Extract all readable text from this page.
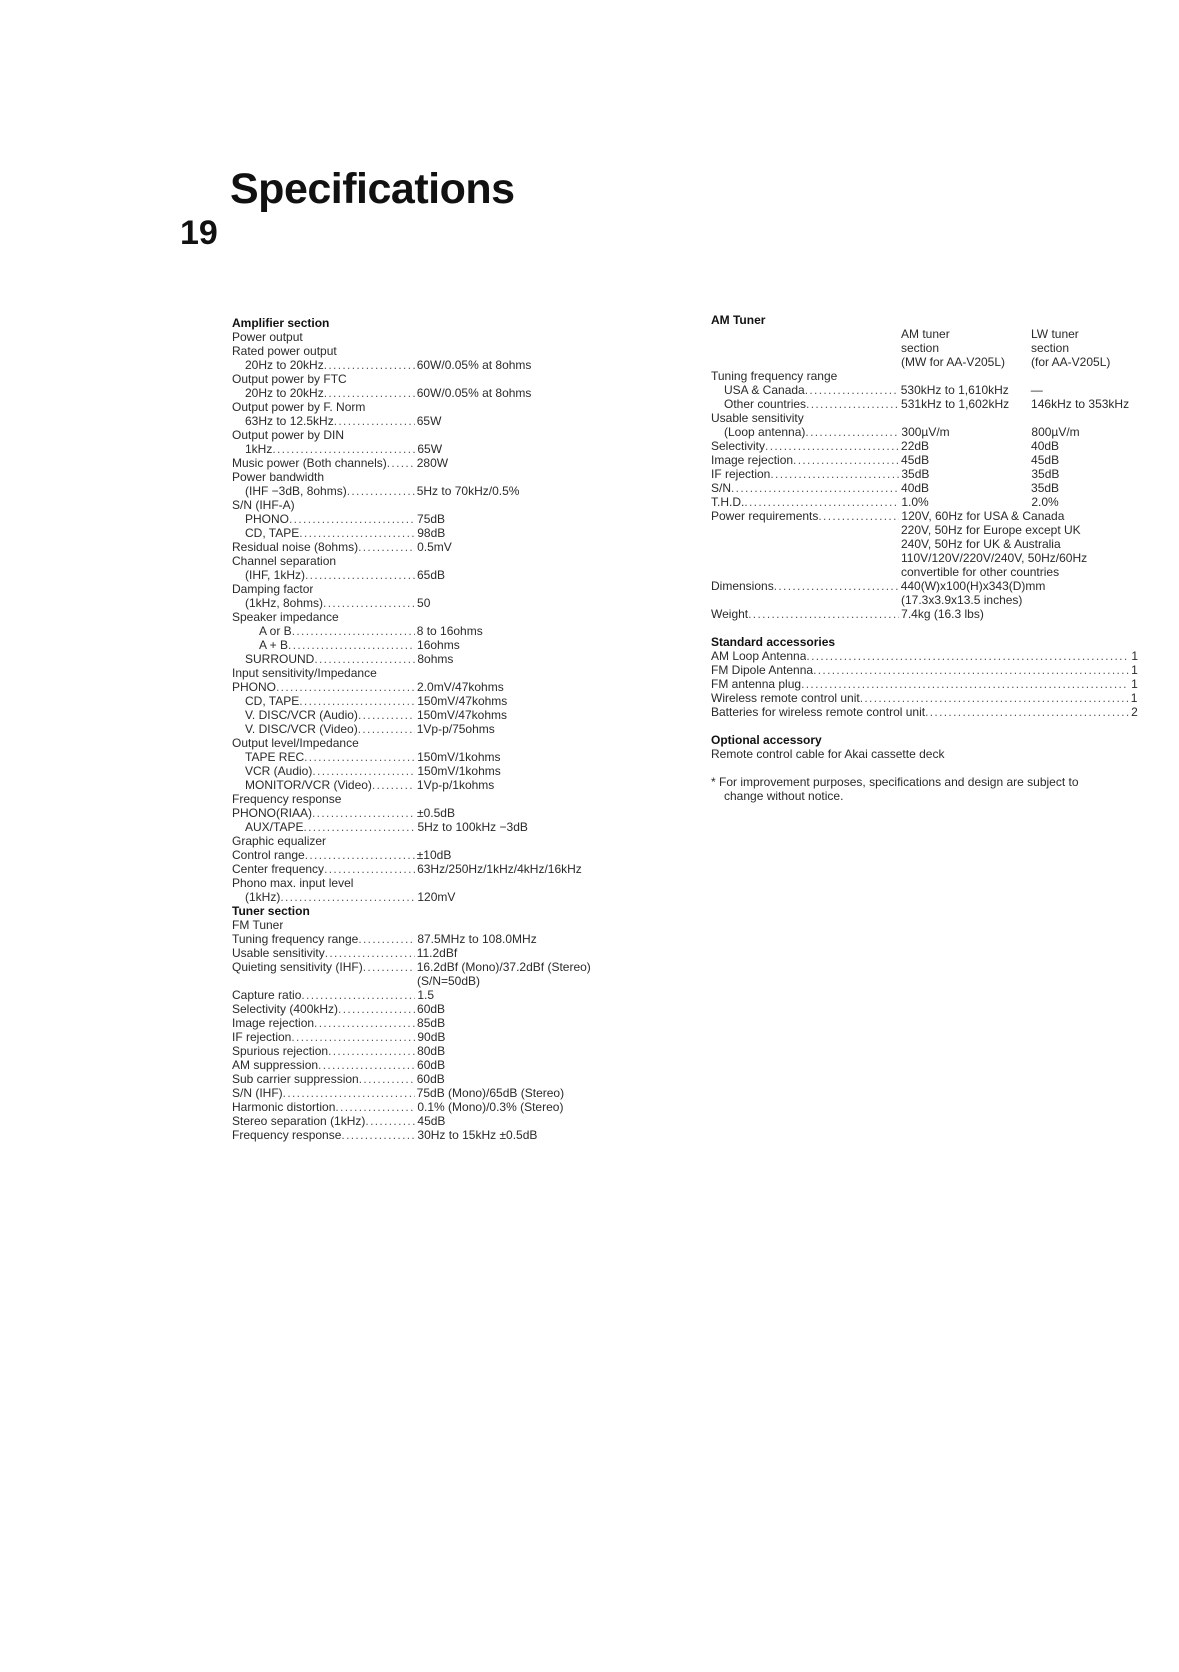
Specifications
19
Amplifier section
Power output
Rated power output
20Hz to 20kHz . . .	60W/0.05% at 8ohms
Output power by FTC
20Hz to 20kHz . . .	60W/0.05% at 8ohms
Output power by F. Norm
63Hz to 12.5kHz . . .	65W
Output power by DIN
1kHz . . .	65W
Music power (Both channels) . . .	280W
Power bandwidth
(IHF −3dB, 8ohms) . . .	5Hz to 70kHz/0.5%
S/N (IHF-A)
PHONO . . .	75dB
CD, TAPE . . .	98dB
Residual noise (8ohms) . . .	0.5mV
Channel separation
(IHF, 1kHz) . . .	65dB
Damping factor
(1kHz, 8ohms) . . .	50
Speaker impedance
A or B . . .	8 to 16ohms
A + B . . .	16ohms
SURROUND . . .	8ohms
Input sensitivity/Impedance
PHONO . . .	2.0mV/47kohms
CD, TAPE . . .	150mV/47kohms
V. DISC/VCR (Audio) . . .	150mV/47kohms
V. DISC/VCR (Video) . . .	1Vp-p/75ohms
Output level/Impedance
TAPE REC . . .	150mV/1kohms
VCR (Audio) . . .	150mV/1kohms
MONITOR/VCR (Video) . . .	1Vp-p/1kohms
Frequency response
PHONO(RIAA) . . .	±0.5dB
AUX/TAPE . . .	5Hz to 100kHz −3dB
Graphic equalizer
Control range . . .	±10dB
Center frequency . . .	63Hz/250Hz/1kHz/4kHz/16kHz
Phono max. input level
(1kHz) . . .	120mV
Tuner section
FM Tuner
Tuning frequency range . . .	87.5MHz to 108.0MHz
Usable sensitivity . . .	11.2dBf
Quieting sensitivity (IHF) . . .	16.2dBf (Mono)/37.2dBf (Stereo)
(S/N=50dB)
Capture ratio . . .	1.5
Selectivity (400kHz) . . .	60dB
Image rejection . . .	85dB
IF rejection . . .	90dB
Spurious rejection . . .	80dB
AM suppression . . .	60dB
Sub carrier suppression . . .	60dB
S/N (IHF) . . .	75dB (Mono)/65dB (Stereo)
Harmonic distortion . . .	0.1% (Mono)/0.3% (Stereo)
Stereo separation (1kHz) . . .	45dB
Frequency response . . .	30Hz to 15kHz ±0.5dB
AM Tuner
AM tuner	LW tuner
section	section
(MW for AA-V205L)	(for AA-V205L)
Tuning frequency range
USA & Canada . . .	530kHz to 1,610kHz	—
Other countries . . .	531kHz to 1,602kHz	146kHz to 353kHz
Usable sensitivity
(Loop antenna) . . .	300µV/m	800µV/m
Selectivity . . .	22dB	40dB
Image rejection . . .	45dB	45dB
IF rejection . . .	35dB	35dB
S/N . . .	40dB	35dB
T.H.D. . . .	1.0%	2.0%
Power requirements . . .	120V, 60Hz for USA & Canada
220V, 50Hz for Europe except UK
240V, 50Hz for UK & Australia
110V/120V/220V/240V, 50Hz/60Hz
convertible for other countries
Dimensions . . .	440(W)x100(H)x343(D)mm
(17.3x3.9x13.5 inches)
Weight . . .	7.4kg (16.3 lbs)
Standard accessories
AM Loop Antenna . . .	1
FM Dipole Antenna . . .	1
FM antenna plug . . .	1
Wireless remote control unit . . .	1
Batteries for wireless remote control unit . . .	2
Optional accessory
Remote control cable for Akai cassette deck
* For improvement purposes, specifications and design are subject to
change without notice.
